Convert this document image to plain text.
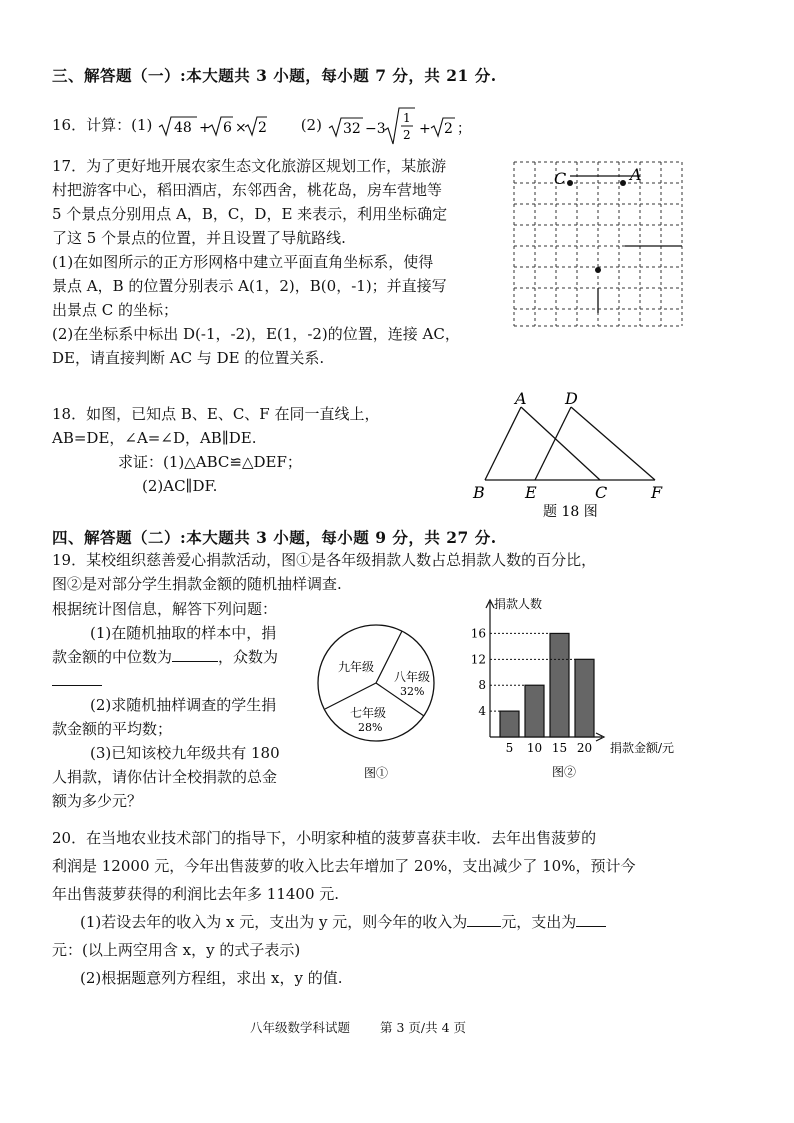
三、解答题（一）:本大题共 3 小题，每小题 7 分，共 21 分.
16．计算：(1) 48 + 6 × 2 (2) 32 −3
1
2 + 2 ；
17．为了更好地开展农家生态文化旅游区规划工作，某旅游
村把游客中心，稻田酒店，东邻西舍，桃花岛，房车营地等
5 个景点分别用点 A，B，C，D，E 来表示，利用坐标确定
了这 5 个景点的位置，并且设置了导航路线.
(1)在如图所示的正方形网格中建立平面直角坐标系，使得
景点 A，B 的位置分别表示 A(1，2)，B(0，-1)；并直接写
出景点 C 的坐标；
(2)在坐标系中标出 D(-1，-2)，E(1，-2)的位置，连接 AC，
DE，请直接判断 AC 与 DE 的位置关系.
C	A
18．如图，已知点 B、E、C、F 在同一直线上，
AB=DE，∠A=∠D，AB∥DE.
求证：(1)△ABC≌△DEF；
(2)AC∥DF.
A D
B	E	C	F
题 18 图
四、解答题（二）:本大题共 3 小题，每小题 9 分，共 27 分.
19．某校组织慈善爱心捐款活动，图①是各年级捐款人数占总捐款人数的百分比，
图②是对部分学生捐款金额的随机抽样调查.
根据统计图信息，解答下列问题：
(1)在随机抽取的样本中，捐
款金额的中位数为	，众数为
(2)求随机抽样调查的学生捐
款金额的平均数；
(3)已知该校九年级共有 180
人捐款，请你估计全校捐款的总金
额为多少元？
九年级
八年级
32%
七年级
28%
图①
捐款人数
捐款金额/元
4
8
12
16
5 10 15 20
图②
20．在当地农业技术部门的指导下，小明家种植的菠萝喜获丰收．去年出售菠萝的
利润是 12000 元，今年出售菠萝的收入比去年增加了 20%，支出减少了 10%，预计今
年出售菠萝获得的利润比去年多 11400 元.
(1)若设去年的收入为 x 元，支出为 y 元，则今年的收入为 元，支出为
元：(以上两空用含 x，y 的式子表示)
(2)根据题意列方程组，求出 x，y 的值.
八年级数学科试题 第 3 页/共 4 页
